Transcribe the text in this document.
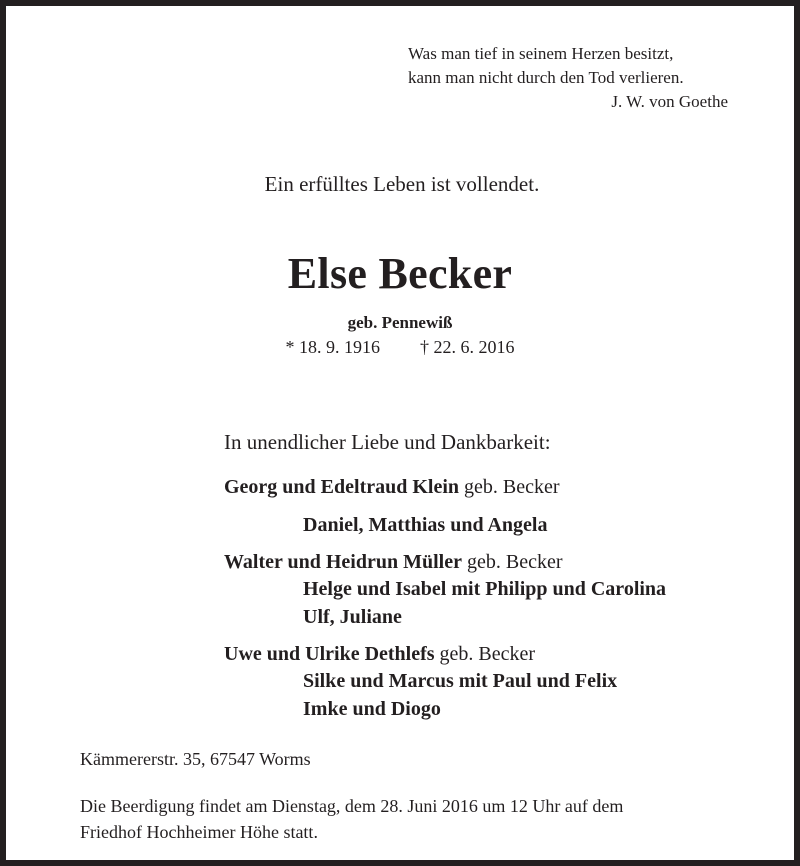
Was man tief in seinem Herzen besitzt,
kann man nicht durch den Tod verlieren.
J. W. von Goethe
Ein erfülltes Leben ist vollendet.
Else Becker
geb. Pennewiß
* 18. 9. 1916 † 22. 6. 2016
In unendlicher Liebe und Dankbarkeit:
Georg und Edeltraud Klein geb. Becker
Daniel, Matthias und Angela
Walter und Heidrun Müller geb. Becker
Helge und Isabel mit Philipp und Carolina
Ulf, Juliane
Uwe und Ulrike Dethlefs geb. Becker
Silke und Marcus mit Paul und Felix
Imke und Diogo
Kämmererstr. 35, 67547 Worms
Die Beerdigung findet am Dienstag, dem 28. Juni 2016 um 12 Uhr auf dem
Friedhof Hochheimer Höhe statt.
